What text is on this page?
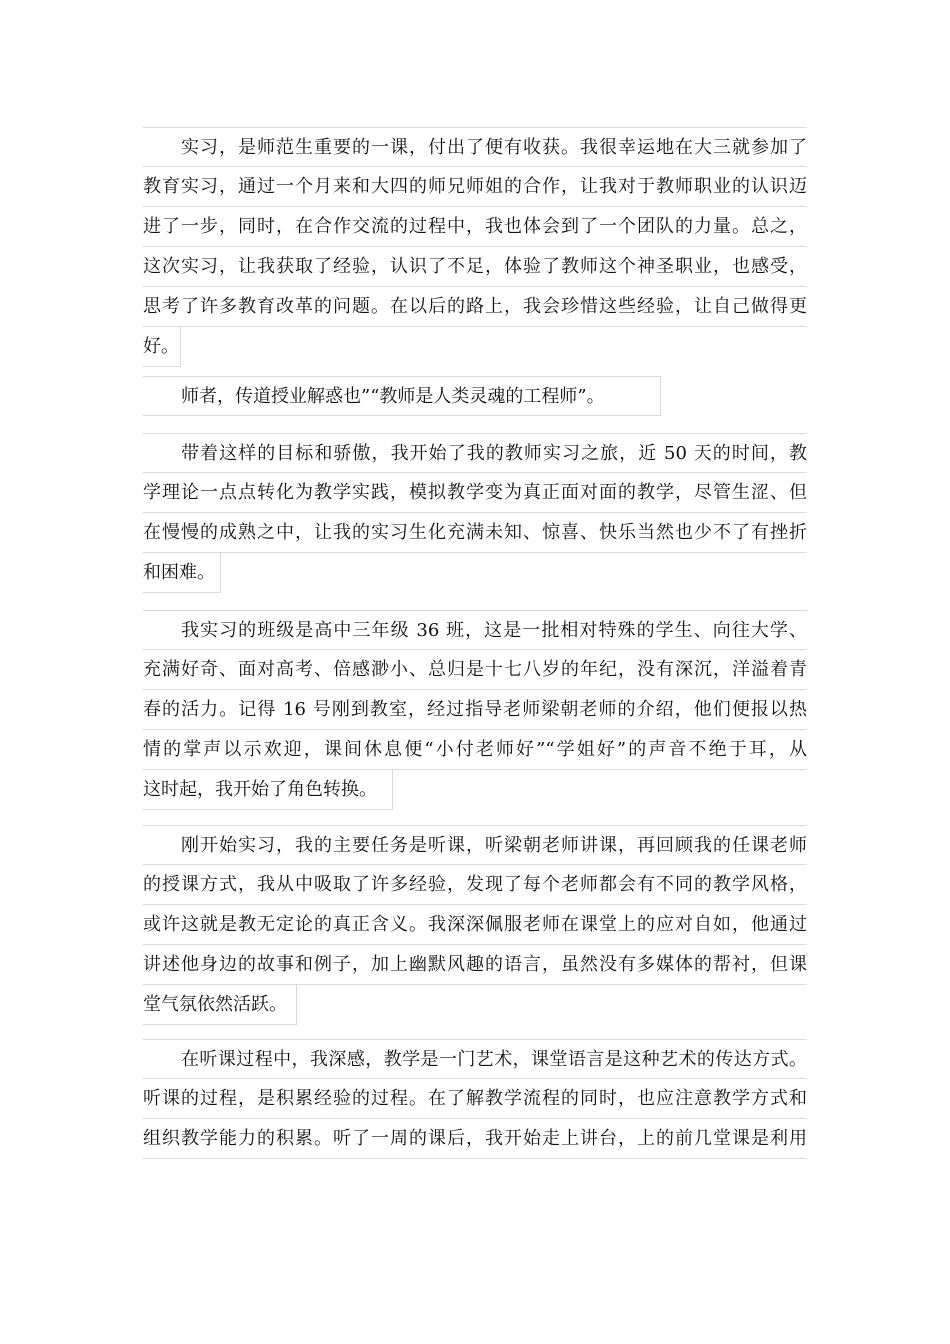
实习，是师范生重要的一课，付出了便有收获。我很幸运地在大三就参加了
教育实习，通过一个月来和大四的师兄师姐的合作，让我对于教师职业的认识迈
进了一步，同时，在合作交流的过程中，我也体会到了一个团队的力量。总之，
这次实习，让我获取了经验，认识了不足，体验了教师这个神圣职业，也感受，
思考了许多教育改革的问题。在以后的路上，我会珍惜这些经验，让自己做得更
好。
师者，传道授业解惑也”“教师是人类灵魂的工程师”。
带着这样的目标和骄傲，我开始了我的教师实习之旅，近 50 天的时间，教
学理论一点点转化为教学实践，模拟教学变为真正面对面的教学，尽管生涩、但
在慢慢的成熟之中，让我的实习生化充满未知、惊喜、快乐当然也少不了有挫折
和困难。
我实习的班级是高中三年级 36 班，这是一批相对特殊的学生、向往大学、
充满好奇、面对高考、倍感渺小、总归是十七八岁的年纪，没有深沉，洋溢着青
春的活力。记得 16 号刚到教室，经过指导老师梁朝老师的介绍，他们便报以热
情的掌声以示欢迎，课间休息便“小付老师好”“学姐好”的声音不绝于耳，从
这时起，我开始了角色转换。
刚开始实习，我的主要任务是听课，听梁朝老师讲课，再回顾我的任课老师
的授课方式，我从中吸取了许多经验，发现了每个老师都会有不同的教学风格，
或许这就是教无定论的真正含义。我深深佩服老师在课堂上的应对自如，他通过
讲述他身边的故事和例子，加上幽默风趣的语言，虽然没有多媒体的帮衬，但课
堂气氛依然活跃。
在听课过程中，我深感，教学是一门艺术，课堂语言是这种艺术的传达方式。
听课的过程，是积累经验的过程。在了解教学流程的同时，也应注意教学方式和
组织教学能力的积累。听了一周的课后，我开始走上讲台，上的前几堂课是利用
